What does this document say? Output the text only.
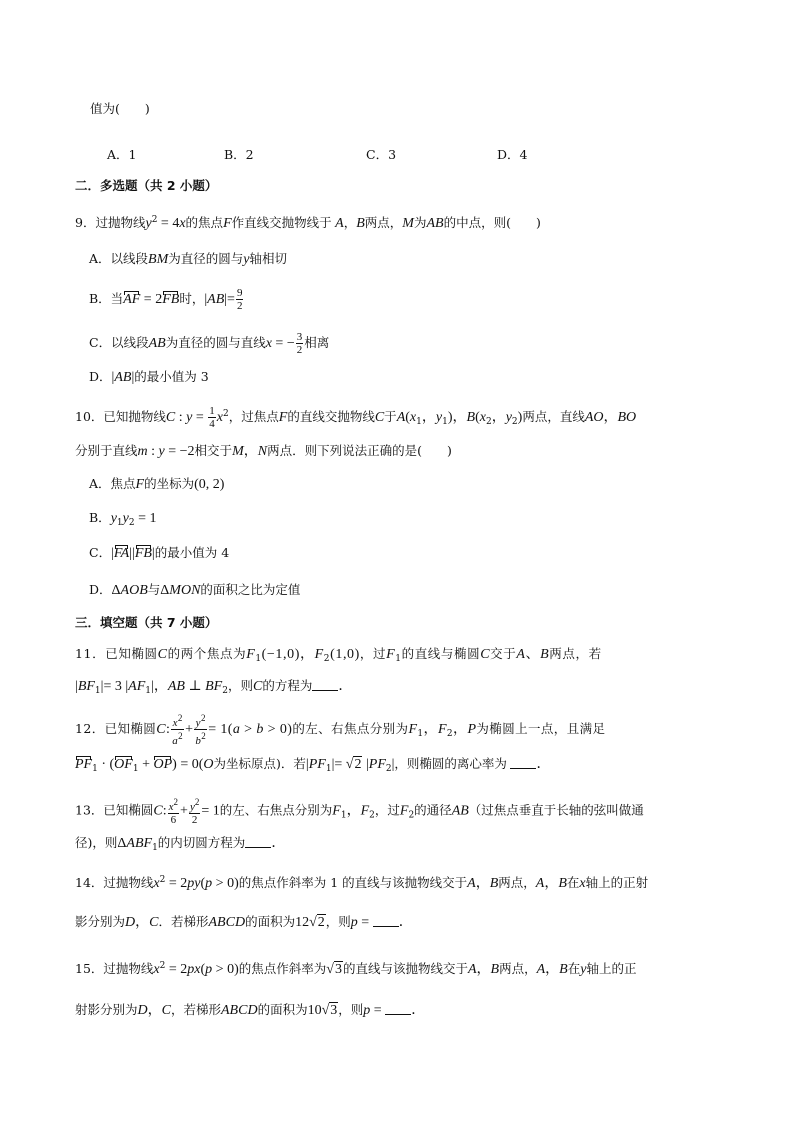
值为(　　)
A．1	B．2	C．3	D．4
二．多选题（共 2 小题）
9．过抛物线$y^2 = 4x$的焦点F作直线交抛物线于 A，B两点，M为AB的中点，则(　　)
A．以线段BM为直径的圆与y轴相切
B．当AF = 2FB时，$|AB|= \frac{9}{2}$
C．以线段AB为直径的圆与直线x = − $\frac{3}{2}$ 相离
D．|AB|的最小值为 3
10．已知抛物线C : $y = \frac{1}{4} x^2$，过焦点F的直线交抛物线C于$A(x_1$，$y_1$)，$B(x_2$，$y_2$)两点，直线AO，BO
分别于直线m : y = −2相交于M，N两点．则下列说法正确的是(　　)
A．焦点F的坐标为(0, 2)
B．$y_1y_2 = 1$
C．|FA||FB|的最小值为 4
D．ΔAOB与ΔMON的面积之比为定值
三．填空题（共 7 小题）
11．已知椭圆C的两个焦点为$F_1(-1,0)$，$F_2(1,0)$，过$F_1$的直线与椭圆C交于A、B两点，若
$|BF_1|= 3$ $|AF_1|$，AB ⊥ $BF_2$，则C的方程为 ．
12．已知椭圆C: $\frac{x^2}{a^2} + \frac{y^2}{b^2} = 1(a > b > 0)$的左、右焦点分别为$F_1$，$F_2$，P为椭圆上一点，且满足
$PF_1 \cdot (OF_1 + OP) = 0(O$为坐标原点)．若$|PF_1|= √2$ $|PF_2|$，则椭圆的离心率为 ．
13．已知椭圆C: $\frac{x^2}{6} + \frac{y^2}{2} = 1$的左、右焦点分别为$F_1$，$F_2$，过$F_2$的通径AB（过焦点垂直于长轴的弦叫做通
径)，则$\Delta ABF_1$的内切圆方程为 ．
14．过抛物线$x^2 = 2py(p > 0)$的焦点作斜率为 1 的直线与该抛物线交于A，B两点，A，B在x轴上的正射
影分别为D，C．若梯形ABCD的面积为12√2，则p = ．
15．过抛物线$x^2 = 2px(p > 0)$的焦点作斜率为√3的直线与该抛物线交于A，B两点，A，B在y轴上的正
射影分别为D，C，若梯形ABCD的面积为10√3，则p = ．
